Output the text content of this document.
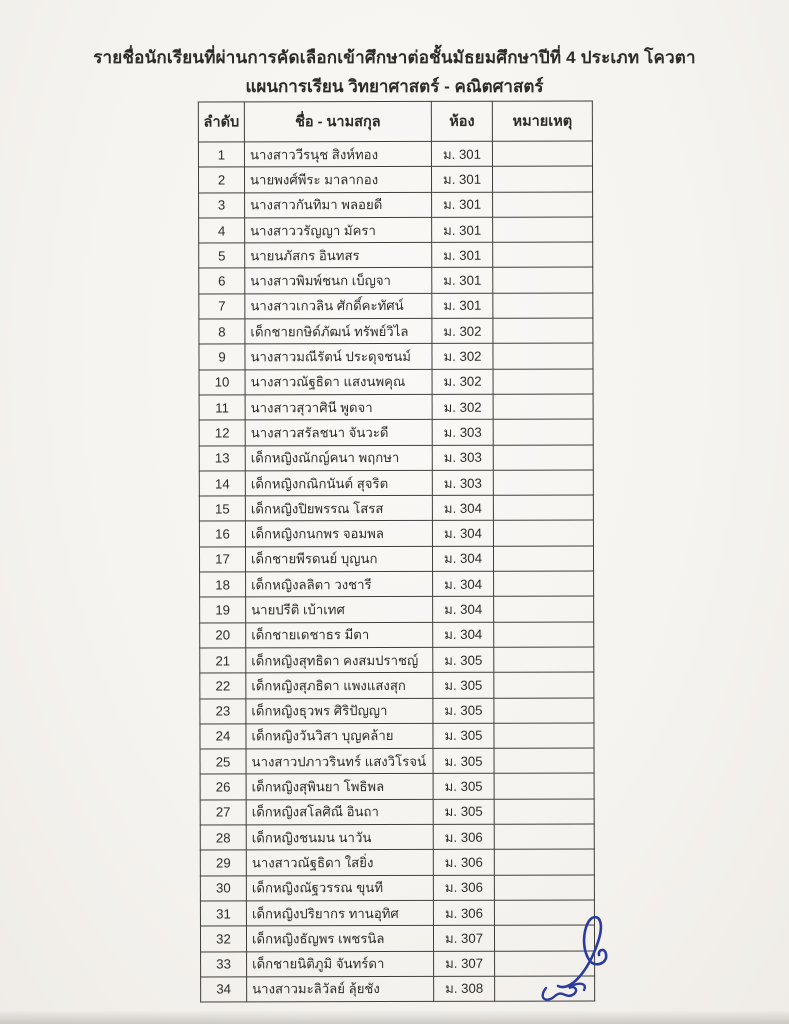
รายชื่อนักเรียนที่ผ่านการคัดเลือกเข้าศึกษาต่อชั้นมัธยมศึกษาปีที่ 4 ประเภท โควตา
แผนการเรียน วิทยาศาสตร์ - คณิตศาสตร์
ลำดับ	ชื่อ - นามสกุล	ห้อง	หมายเหตุ
1	นางสาววีรนุช สิงห์ทอง	ม. 301	
2	นายพงศ์พีระ มาลากอง	ม. 301	
3	นางสาวกันทิมา พลอยดี	ม. 301	
4	นางสาววรัญญา มัครา	ม. 301	
5	นายนภัสกร อินทสร	ม. 301	
6	นางสาวพิมพ์ชนก เบ็ญจา	ม. 301	
7	นางสาวเกวลิน ศักดิ์คะทัศน์	ม. 301	
8	เด็กชายกษิด์ภัฒน์ ทรัพย์วิไล	ม. 302	
9	นางสาวมณีรัตน์ ประดุจชนม์	ม. 302	
10	นางสาวณัฐธิดา แสงนพคุณ	ม. 302	
11	นางสาวสุวาศินี พูดจา	ม. 302	
12	นางสาวสรัลชนา จันวะดี	ม. 303	
13	เด็กหญิงณักญ์คนา พฤกษา	ม. 303	
14	เด็กหญิงกณิกนันต์ สุจริต	ม. 303	
15	เด็กหญิงปิยพรรณ โสรส	ม. 304	
16	เด็กหญิงกนกพร จอมพล	ม. 304	
17	เด็กชายพีรดนย์ บุญนก	ม. 304	
18	เด็กหญิงลลิตา วงชารี	ม. 304	
19	นายปรีติ เบ้าเทศ	ม. 304	
20	เด็กชายเดชาธร มีตา	ม. 304	
21	เด็กหญิงสุทธิดา คงสมปราชญ์	ม. 305	
22	เด็กหญิงสุภธิดา แพงแสงสุก	ม. 305	
23	เด็กหญิงธุวพร ศิริปัญญา	ม. 305	
24	เด็กหญิงวันวิสา บุญคล้าย	ม. 305	
25	นางสาวปภาวรินทร์ แสงวิโรจน์	ม. 305	
26	เด็กหญิงสุพินยา โพธิพล	ม. 305	
27	เด็กหญิงสโลศิณี อินถา	ม. 305	
28	เด็กหญิงชนมน นาวัน	ม. 306	
29	นางสาวณัฐธิดา ใสยิ่ง	ม. 306	
30	เด็กหญิงณัฐวรรณ ขุนที	ม. 306	
31	เด็กหญิงปริยากร ทานอุทิศ	ม. 306	
32	เด็กหญิงธัญพร เพชรนิล	ม. 307	
33	เด็กชายนิติภูมิ จันทร์ดา	ม. 307	
34	นางสาวมะลิวัลย์ ลุ้ยชัง	ม. 308	
